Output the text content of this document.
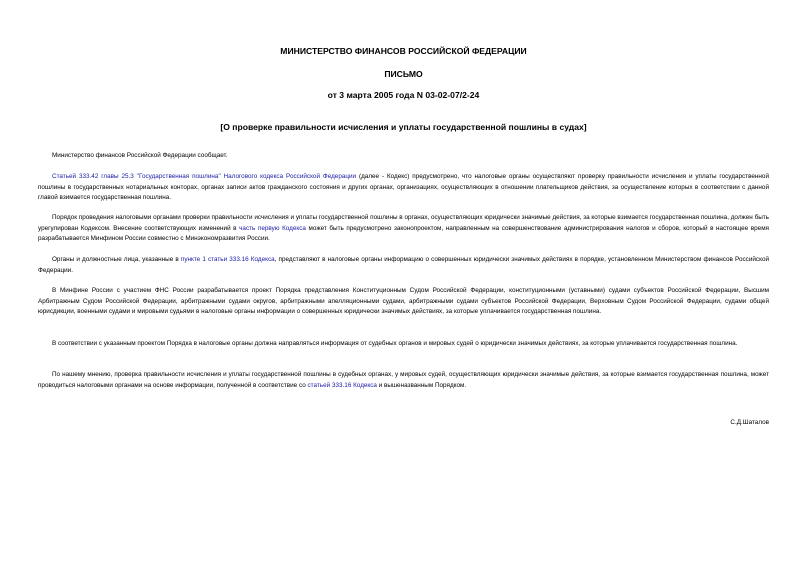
МИНИСТЕРСТВО ФИНАНСОВ РОССИЙСКОЙ ФЕДЕРАЦИИ
ПИСЬМО
от 3 марта 2005 года N 03-02-07/2-24
[О проверке правильности исчисления и уплаты государственной пошлины в судах]

Министерство финансов Российской Федерации сообщает.

Статьей 333.42 главы 25.3 "Государственная пошлина" Налогового кодекса Российской Федерации (далее - Кодекс) предусмотрено, что налоговые органы осуществляют проверку правильности исчисления и уплаты государственной пошлины в государственных нотариальных конторах, органах записи актов гражданского состояния и других органах, организациях, осуществляющих в отношении плательщиков действия, за осуществление которых в соответствии с данной главой взимается государственная пошлина.

Порядок проведения налоговыми органами проверки правильности исчисления и уплаты государственной пошлины в органах, осуществляющих юридически значимые действия, за которые взимается государственная пошлина, должен быть урегулирован Кодексом. Внесение соответствующих изменений в часть первую Кодекса может быть предусмотрено законопроектом, направленным на совершенствование администрирования налогов и сборов, который в настоящее время разрабатывается Минфином России совместно с Минэкономразвития России.

Органы и должностные лица, указанные в пункте 1 статьи 333.16 Кодекса, представляют в налоговые органы информацию о совершенных юридически значимых действиях в порядке, установленном Министерством финансов Российской Федерации.

В Минфине России с участием ФНС России разрабатывается проект Порядка представления Конституционным Судом Российской Федерации, конституционными (уставными) судами субъектов Российской Федерации, Высшим Арбитражным Судом Российской Федерации, арбитражными судами округов, арбитражными апелляционными судами, арбитражными судами субъектов Российской Федерации, Верховным Судом Российской Федерации, судами общей юрисдикции, военными судами и мировыми судьями в налоговые органы информации о совершенных юридически значимых действиях, за которые уплачивается государственная пошлина.

В соответствии с указанным проектом Порядка в налоговые органы должна направляться информация от судебных органов и мировых судей о юридически значимых действиях, за которые уплачивается государственная пошлина.

По нашему мнению, проверка правильности исчисления и уплаты государственной пошлины в судебных органах, у мировых судей, осуществляющих юридически значимые действия, за которые взимается государственная пошлина, может проводиться налоговыми органами на основе информации, полученной в соответствие со статьей 333.16 Кодекса и вышеназванным Порядком.

С.Д.Шаталов
